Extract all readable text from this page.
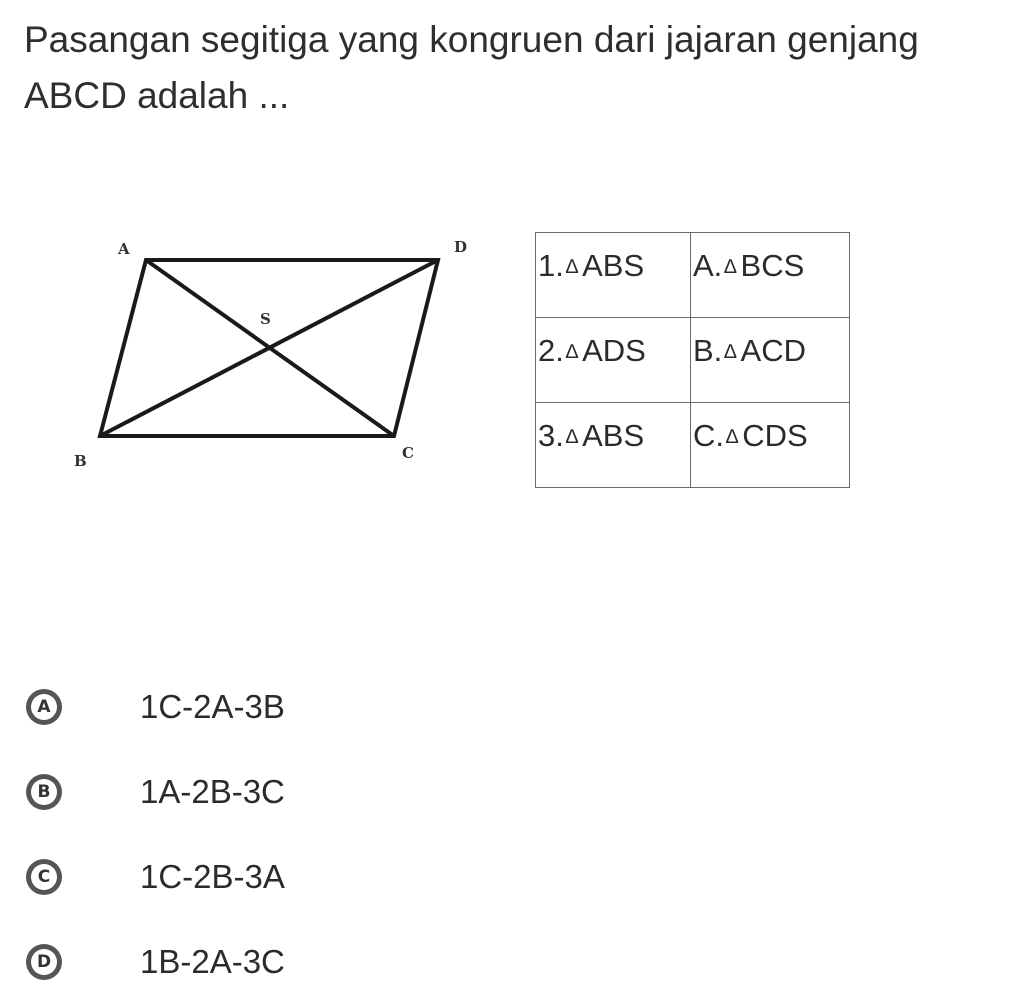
Pasangan segitiga yang kongruen dari jajaran genjang
ABCD adalah ...
A	D
S
B	C
1. ∆ ABS	A. ∆ BCS
2. ∆ ADS	B. ∆ ACD
3. ∆ ABS	C. ∆ CDS
A	1C-2A-3B
B	1A-2B-3C
C	1C-2B-3A
D	1B-2A-3C
